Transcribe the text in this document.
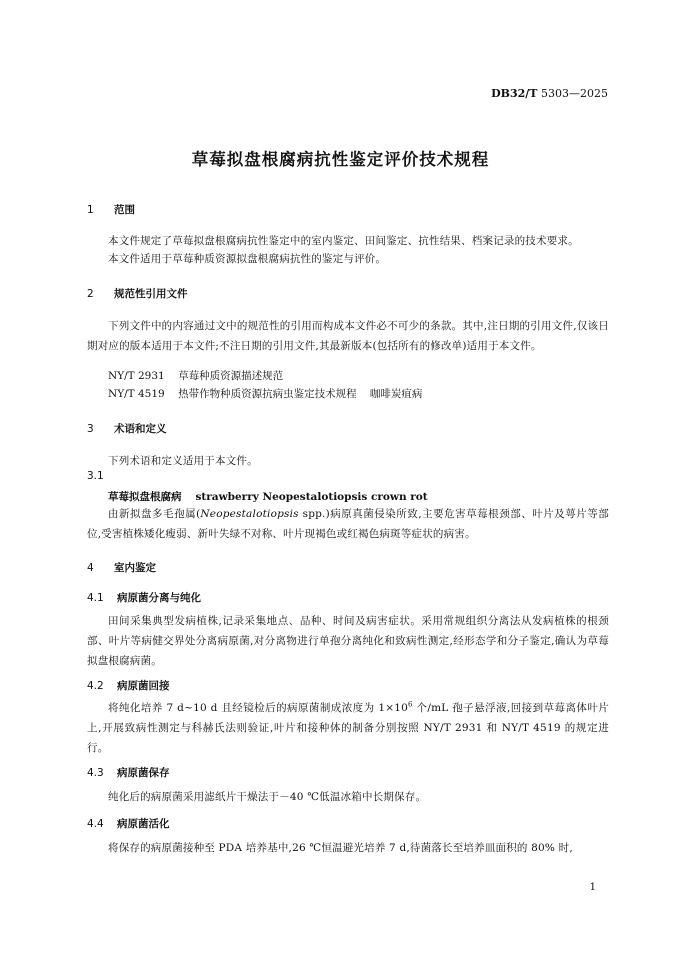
DB32/T 5303—2025
草莓拟盘根腐病抗性鉴定评价技术规程
1 范围
本文件规定了草莓拟盘根腐病抗性鉴定中的室内鉴定、田间鉴定、抗性结果、档案记录的技术要求。
本文件适用于草莓种质资源拟盘根腐病抗性的鉴定与评价。
2 规范性引用文件
下列文件中的内容通过文中的规范性的引用而构成本文件必不可少的条款。其中,注日期的引用文件,仅该日期对应的版本适用于本文件;不注日期的引用文件,其最新版本(包括所有的修改单)适用于本文件。
NY/T 2931    草莓种质资源描述规范
NY/T 4519    热带作物种质资源抗病虫鉴定技术规程    咖啡炭疽病
3 术语和定义
下列术语和定义适用于本文件。
3.1
草莓拟盘根腐病 strawberry Neopestalotiopsis crown rot
由新拟盘多毛孢属(Neopestalotiopsis spp.)病原真菌侵染所致,主要危害草莓根颈部、叶片及萼片等部位,受害植株矮化瘦弱、新叶失绿不对称、叶片现褐色或红褐色病斑等症状的病害。
4 室内鉴定
4.1 病原菌分离与纯化
田间采集典型发病植株,记录采集地点、品种、时间及病害症状。采用常规组织分离法从发病植株的根颈部、叶片等病健交界处分离病原菌,对分离物进行单孢分离纯化和致病性测定,经形态学和分子鉴定,确认为草莓拟盘根腐病菌。
4.2 病原菌回接
将纯化培养 7 d~10 d 且经镜检后的病原菌制成浓度为 $1\times 10^6$ 个/mL 孢子悬浮液,回接到草莓离体叶片上,开展致病性测定与科赫氏法则验证,叶片和接种体的制备分别按照 NY/T 2931 和 NY/T 4519 的规定进行。
4.3 病原菌保存
纯化后的病原菌采用滤纸片干燥法于－40 ℃低温冰箱中长期保存。
4.4 病原菌活化
将保存的病原菌接种至 PDA 培养基中,26 ℃恒温避光培养 7 d,待菌落长至培养皿面积的 80% 时,
1
